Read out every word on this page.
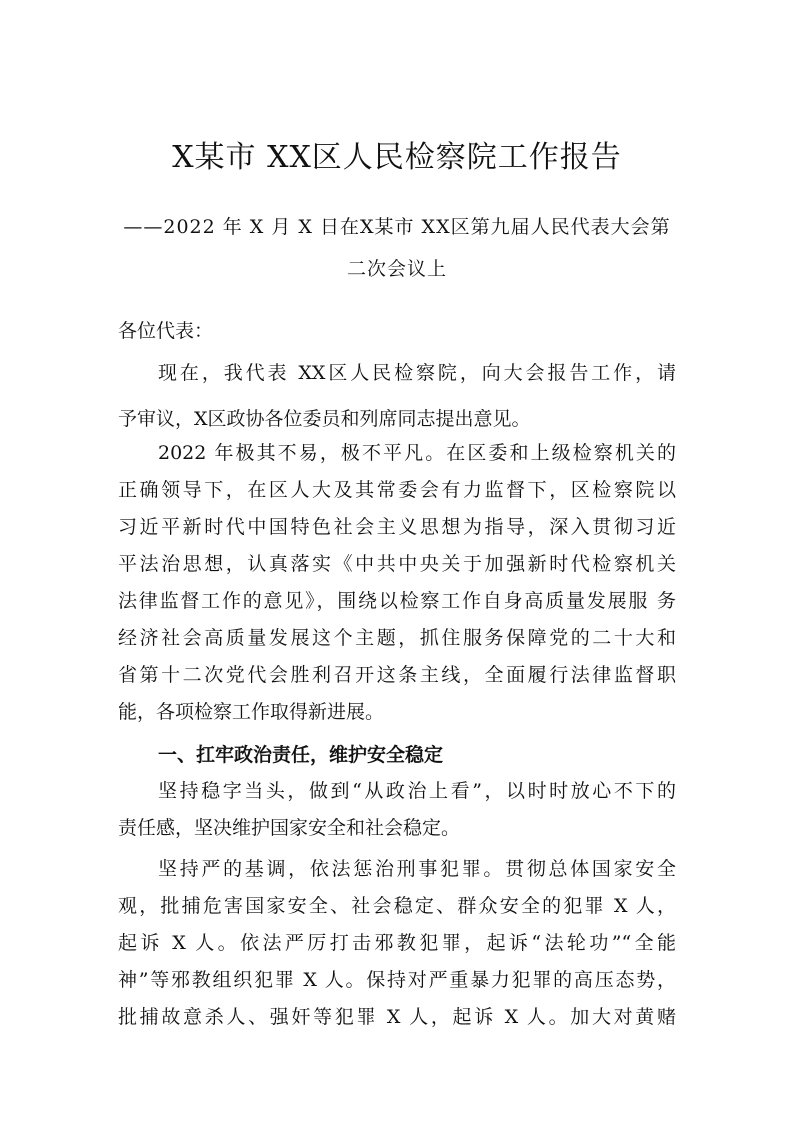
X某市 XX区人民检察院工作报告
——2022 年 X 月 X 日在X某市 XX区第九届人民代表大会第
二次会议上
各位代表：
现在，我代表 XX区人民检察院，向大会报告工作，请
予审议，X区政协各位委员和列席同志提出意见。
2022 年极其不易，极不平凡。在区委和上级检察机关的
正确领导下，在区人大及其常委会有力监督下，区检察院以
习近平新时代中国特色社会主义思想为指导，深入贯彻习近
平法治思想，认真落实《中共中央关于加强新时代检察机关
法律监督工作的意见》，围绕以检察工作自身高质量发展服 务
经济社会高质量发展这个主题，抓住服务保障党的二十大和
省第十二次党代会胜利召开这条主线，全面履行法律监督职
能，各项检察工作取得新进展。
一、扛牢政治责任，维护安全稳定
坚持稳字当头，做到“从政治上看”，以时时放心不下的
责任感，坚决维护国家安全和社会稳定。
坚持严的基调，依法惩治刑事犯罪。贯彻总体国家安全
观，批捕危害国家安全、社会稳定、群众安全的犯罪 X 人，
起诉 X 人。依法严厉打击邪教犯罪，起诉“法轮功”“全能
神”等邪教组织犯罪 X 人。保持对严重暴力犯罪的高压态势，
批捕故意杀人、强奸等犯罪 X 人，起诉 X 人。加大对黄赌
